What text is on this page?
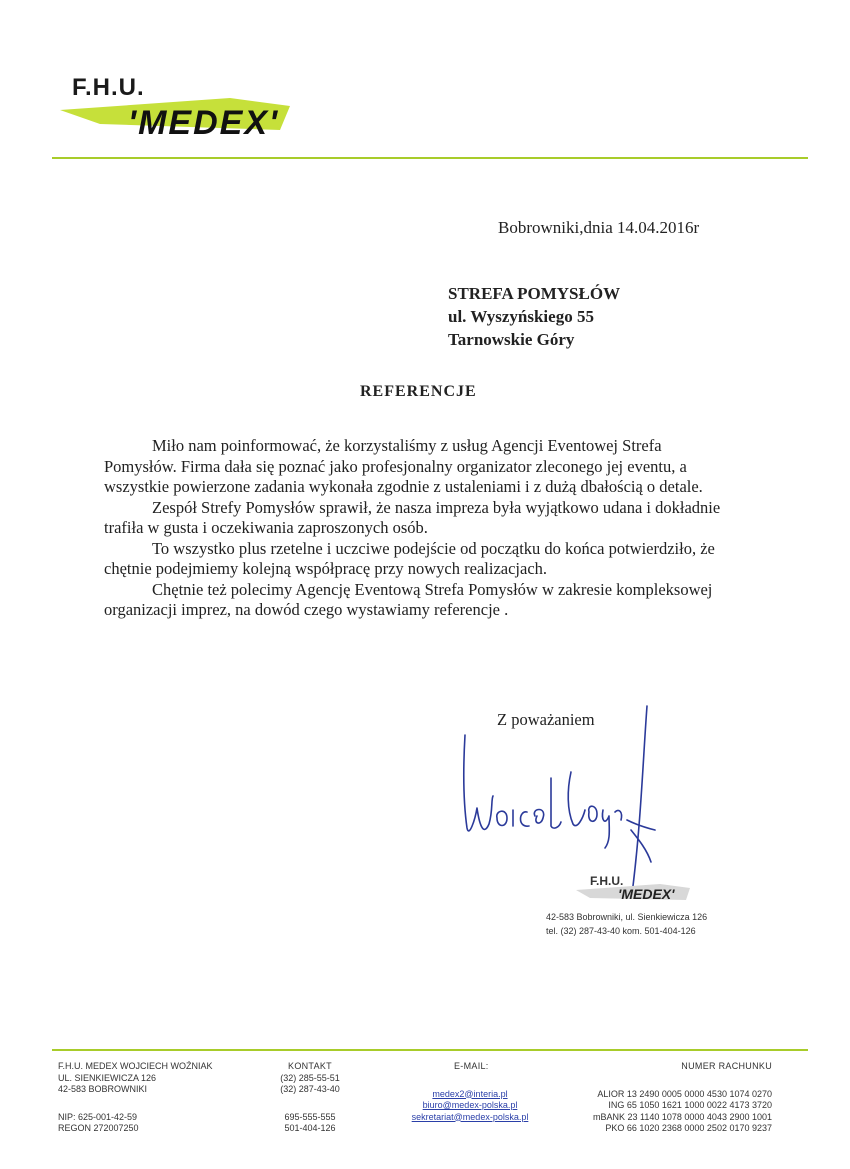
F.H.U.
'MEDEX'
Bobrowniki,dnia 14.04.2016r
STREFA POMYSŁÓW
ul. Wyszyńskiego 55
Tarnowskie Góry
REFERENCJE

Miło nam poinformować, że korzystaliśmy z usług Agencji Eventowej Strefa Pomysłów. Firma dała się poznać jako profesjonalny organizator zleconego jej eventu, a wszystkie powierzone zadania wykonała zgodnie z ustaleniami i z dużą dbałością o detale.

Zespół Strefy Pomysłów sprawił, że nasza impreza była wyjątkowo udana i dokładnie trafiła w gusta i oczekiwania zaproszonych osób.

To wszystko plus rzetelne i uczciwe podejście od początku do końca potwierdziło, że chętnie podejmiemy kolejną współpracę przy nowych realizacjach.

Chętnie też polecimy Agencję Eventową Strefa Pomysłów w zakresie kompleksowej organizacji imprez, na dowód czego wystawiamy referencje .

Z poważaniem
F.H.U.
'MEDEX'
42-583 Bobrowniki, ul. Sienkiewicza 126
tel. (32) 287-43-40 kom. 501-404-126
F.H.U. MEDEX WOJCIECH WOŹNIAK
UL. SIENKIEWICZA 126
42-583 BOBROWNIKI
NIP: 625-001-42-59
REGON 272007250
KONTAKT
(32) 285-55-51
(32) 287-43-40
695-555-555
501-404-126
E-MAIL:
medex2@interia.pl
biuro@medex-polska.pl
sekretariat@medex-polska.pl
NUMER RACHUNKU
ALIOR 13 2490 0005 0000 4530 1074 0270
ING 65 1050 1621 1000 0022 4173 3720
mBANK 23 1140 1078 0000 4043 2900 1001
PKO 66 1020 2368 0000 2502 0170 9237
